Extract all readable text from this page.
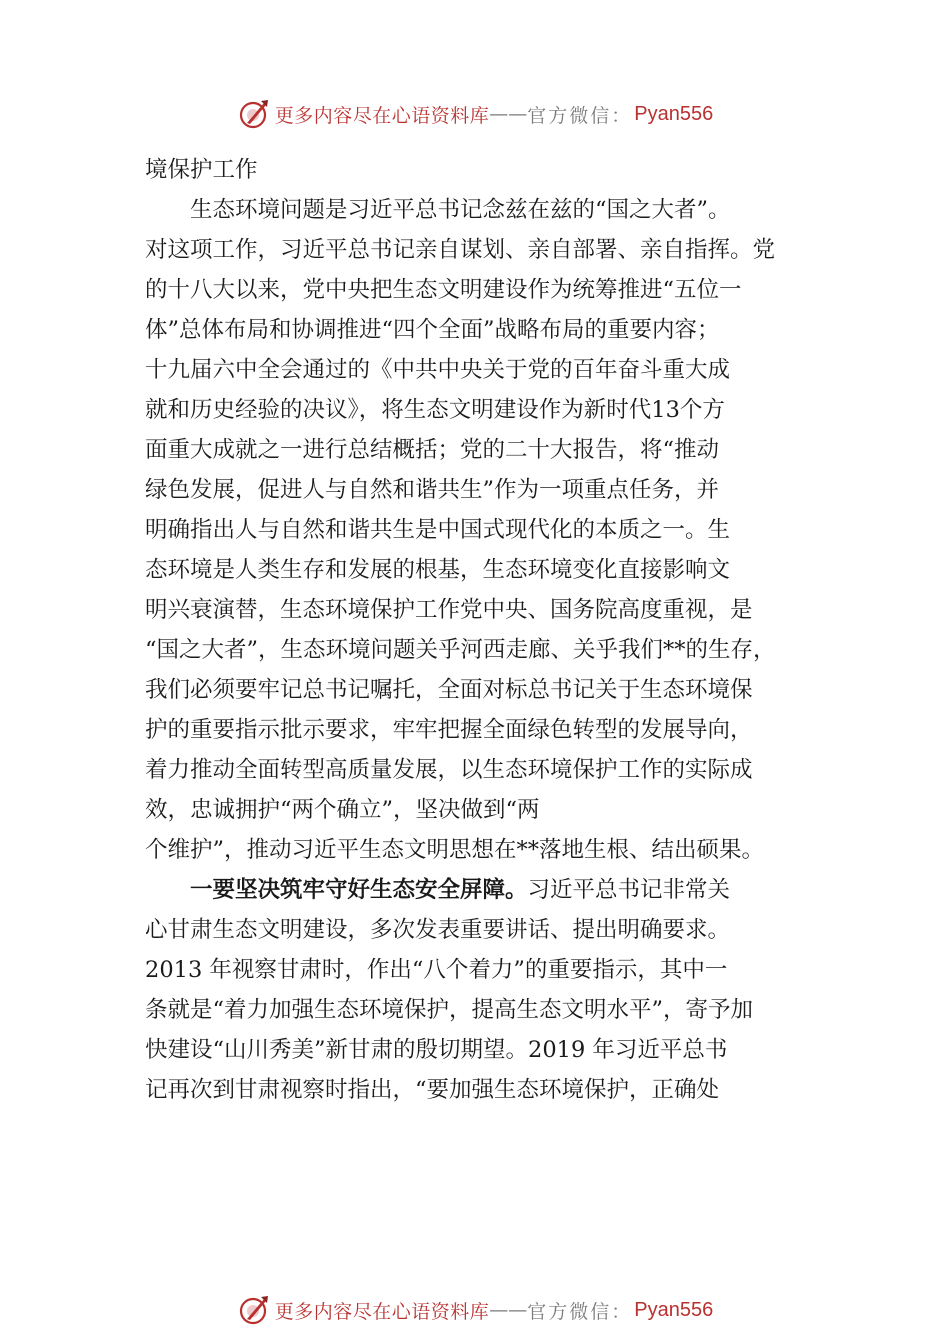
更多内容尽在心语资料库 —— 官方微信： Pyan556
境保护工作
生态环境问题是习近平总书记念兹在兹的“国之大者”。
对这项工作，习近平总书记亲自谋划、亲自部署、亲自指挥。党
的十八大以来，党中央把生态文明建设作为统筹推进“五位一
体”总体布局和协调推进“四个全面”战略布局的重要内容；
十九届六中全会通过的《中共中央关于党的百年奋斗重大成
就和历史经验的决议》，将生态文明建设作为新时代13个方
面重大成就之一进行总结概括；党的二十大报告，将“推动
绿色发展，促进人与自然和谐共生”作为一项重点任务，并
明确指出人与自然和谐共生是中国式现代化的本质之一。生
态环境是人类生存和发展的根基，生态环境变化直接影响文
明兴衰演替，生态环境保护工作党中央、国务院高度重视，是
“国之大者”，生态环境问题关乎河西走廊、关乎我们**的生存，
我们必须要牢记总书记嘱托，全面对标总书记关于生态环境保
护的重要指示批示要求，牢牢把握全面绿色转型的发展导向，
着力推动全面转型高质量发展，以生态环境保护工作的实际成
效，忠诚拥护“两个确立”，坚决做到“两
个维护”，推动习近平生态文明思想在**落地生根、结出硕果。
一要坚决筑牢守好生态安全屏障。习近平总书记非常关
心甘肃生态文明建设，多次发表重要讲话、提出明确要求。
2013 年视察甘肃时，作出“八个着力”的重要指示，其中一
条就是“着力加强生态环境保护，提高生态文明水平”，寄予加
快建设“山川秀美”新甘肃的殷切期望。2019 年习近平总书
记再次到甘肃视察时指出，“要加强生态环境保护，正确处
更多内容尽在心语资料库 —— 官方微信： Pyan556
